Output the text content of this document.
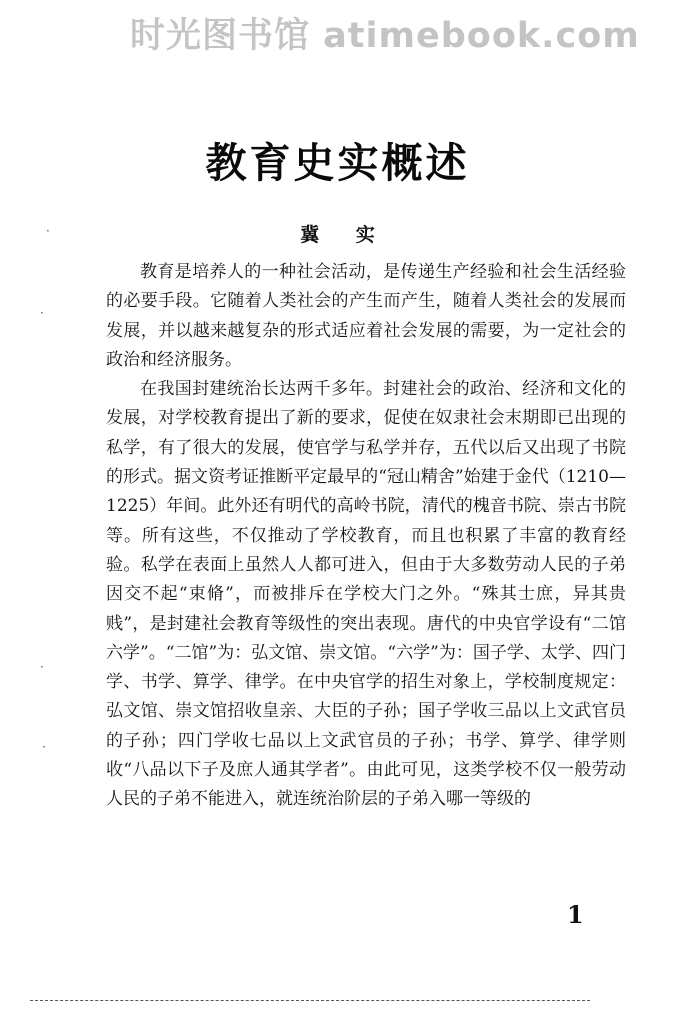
时光图书馆 atimebook.com
教育史实概述
冀 实

教育是培养人的一种社会活动，是传递生产经验和社会生活经验的必要手段。它随着人类社会的产生而产生，随着人类社会的发展而发展，并以越来越复杂的形式适应着社会发展的需要，为一定社会的政治和经济服务。

在我国封建统治长达两千多年。封建社会的政治、经济和文化的发展，对学校教育提出了新的要求，促使在奴隶社会末期即已出现的私学，有了很大的发展，使官学与私学并存，五代以后又出现了书院的形式。据文资考证推断平定最早的“冠山精舍”始建于金代（1210—1225）年间。此外还有明代的高岭书院，清代的槐音书院、崇古书院等。所有这些，不仅推动了学校教育，而且也积累了丰富的教育经验。私学在表面上虽然人人都可进入，但由于大多数劳动人民的子弟因交不起“束脩”，而被排斥在学校大门之外。“殊其士庶，异其贵贱”，是封建社会教育等级性的突出表现。唐代的中央官学设有“二馆六学”。“二馆”为：弘文馆、崇文馆。“六学”为：国子学、太学、四门学、书学、算学、律学。在中央官学的招生对象上，学校制度规定：弘文馆、崇文馆招收皇亲、大臣的子孙；国子学收三品以上文武官员的子孙；四门学收七品以上文武官员的子孙；书学、算学、律学则收“八品以下子及庶人通其学者”。由此可见，这类学校不仅一般劳动人民的子弟不能进入，就连统治阶层的子弟入哪一等级的

1
·
·
·
·
